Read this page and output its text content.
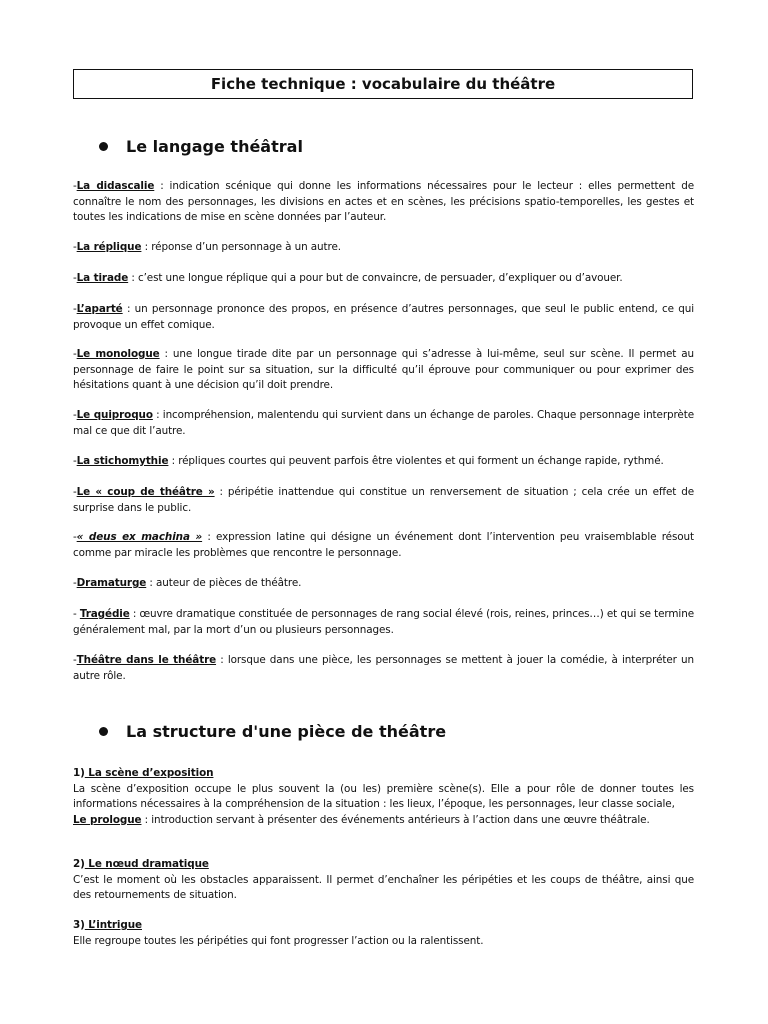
Fiche technique : vocabulaire du théâtre
Le langage théâtral
-La didascalie : indication scénique qui donne les informations nécessaires pour le lecteur : elles permettent de connaître le nom des personnages, les divisions en actes et en scènes, les précisions spatio-temporelles, les gestes et toutes les indications de mise en scène données par l’auteur.
-La réplique : réponse d’un personnage à un autre.
-La tirade : c’est une longue réplique qui a pour but de convaincre, de persuader, d’expliquer ou d’avouer.
-L’aparté : un personnage prononce des propos, en présence d’autres personnages, que seul le public entend, ce qui provoque un effet comique.
-Le monologue : une longue tirade dite par un personnage qui s’adresse à lui-même, seul sur scène. Il permet au personnage de faire le point sur sa situation, sur la difficulté qu’il éprouve pour communiquer ou pour exprimer des hésitations quant à une décision qu’il doit prendre.
-Le quiproquo : incompréhension, malentendu qui survient dans un échange de paroles. Chaque personnage interprète mal ce que dit l’autre.
-La stichomythie : répliques courtes qui peuvent parfois être violentes et qui forment un échange rapide, rythmé.
-Le « coup de théâtre » : péripétie inattendue qui constitue un renversement de situation ; cela crée un effet de surprise dans le public.
-« deus ex machina » : expression latine qui désigne un événement dont l’intervention peu vraisemblable résout comme par miracle les problèmes que rencontre le personnage.
-Dramaturge : auteur de pièces de théâtre.
- Tragédie : œuvre dramatique constituée de personnages de rang social élevé (rois, reines, princes…) et qui se termine généralement mal, par la mort d’un ou plusieurs personnages.
-Théâtre dans le théâtre : lorsque dans une pièce, les personnages se mettent à jouer la comédie, à interpréter un autre rôle.
La structure d'une pièce de théâtre
1) La scène d’exposition
La scène d’exposition occupe le plus souvent la (ou les) première scène(s). Elle a pour rôle de donner toutes les informations nécessaires à la compréhension de la situation : les lieux, l’époque, les personnages, leur classe sociale,
Le prologue : introduction servant à présenter des événements antérieurs à l’action dans une œuvre théâtrale.
2) Le nœud dramatique
C’est le moment où les obstacles apparaissent. Il permet d’enchaîner les péripéties et les coups de théâtre, ainsi que des retournements de situation.
3) L’intrigue
Elle regroupe toutes les péripéties qui font progresser l’action ou la ralentissent.
